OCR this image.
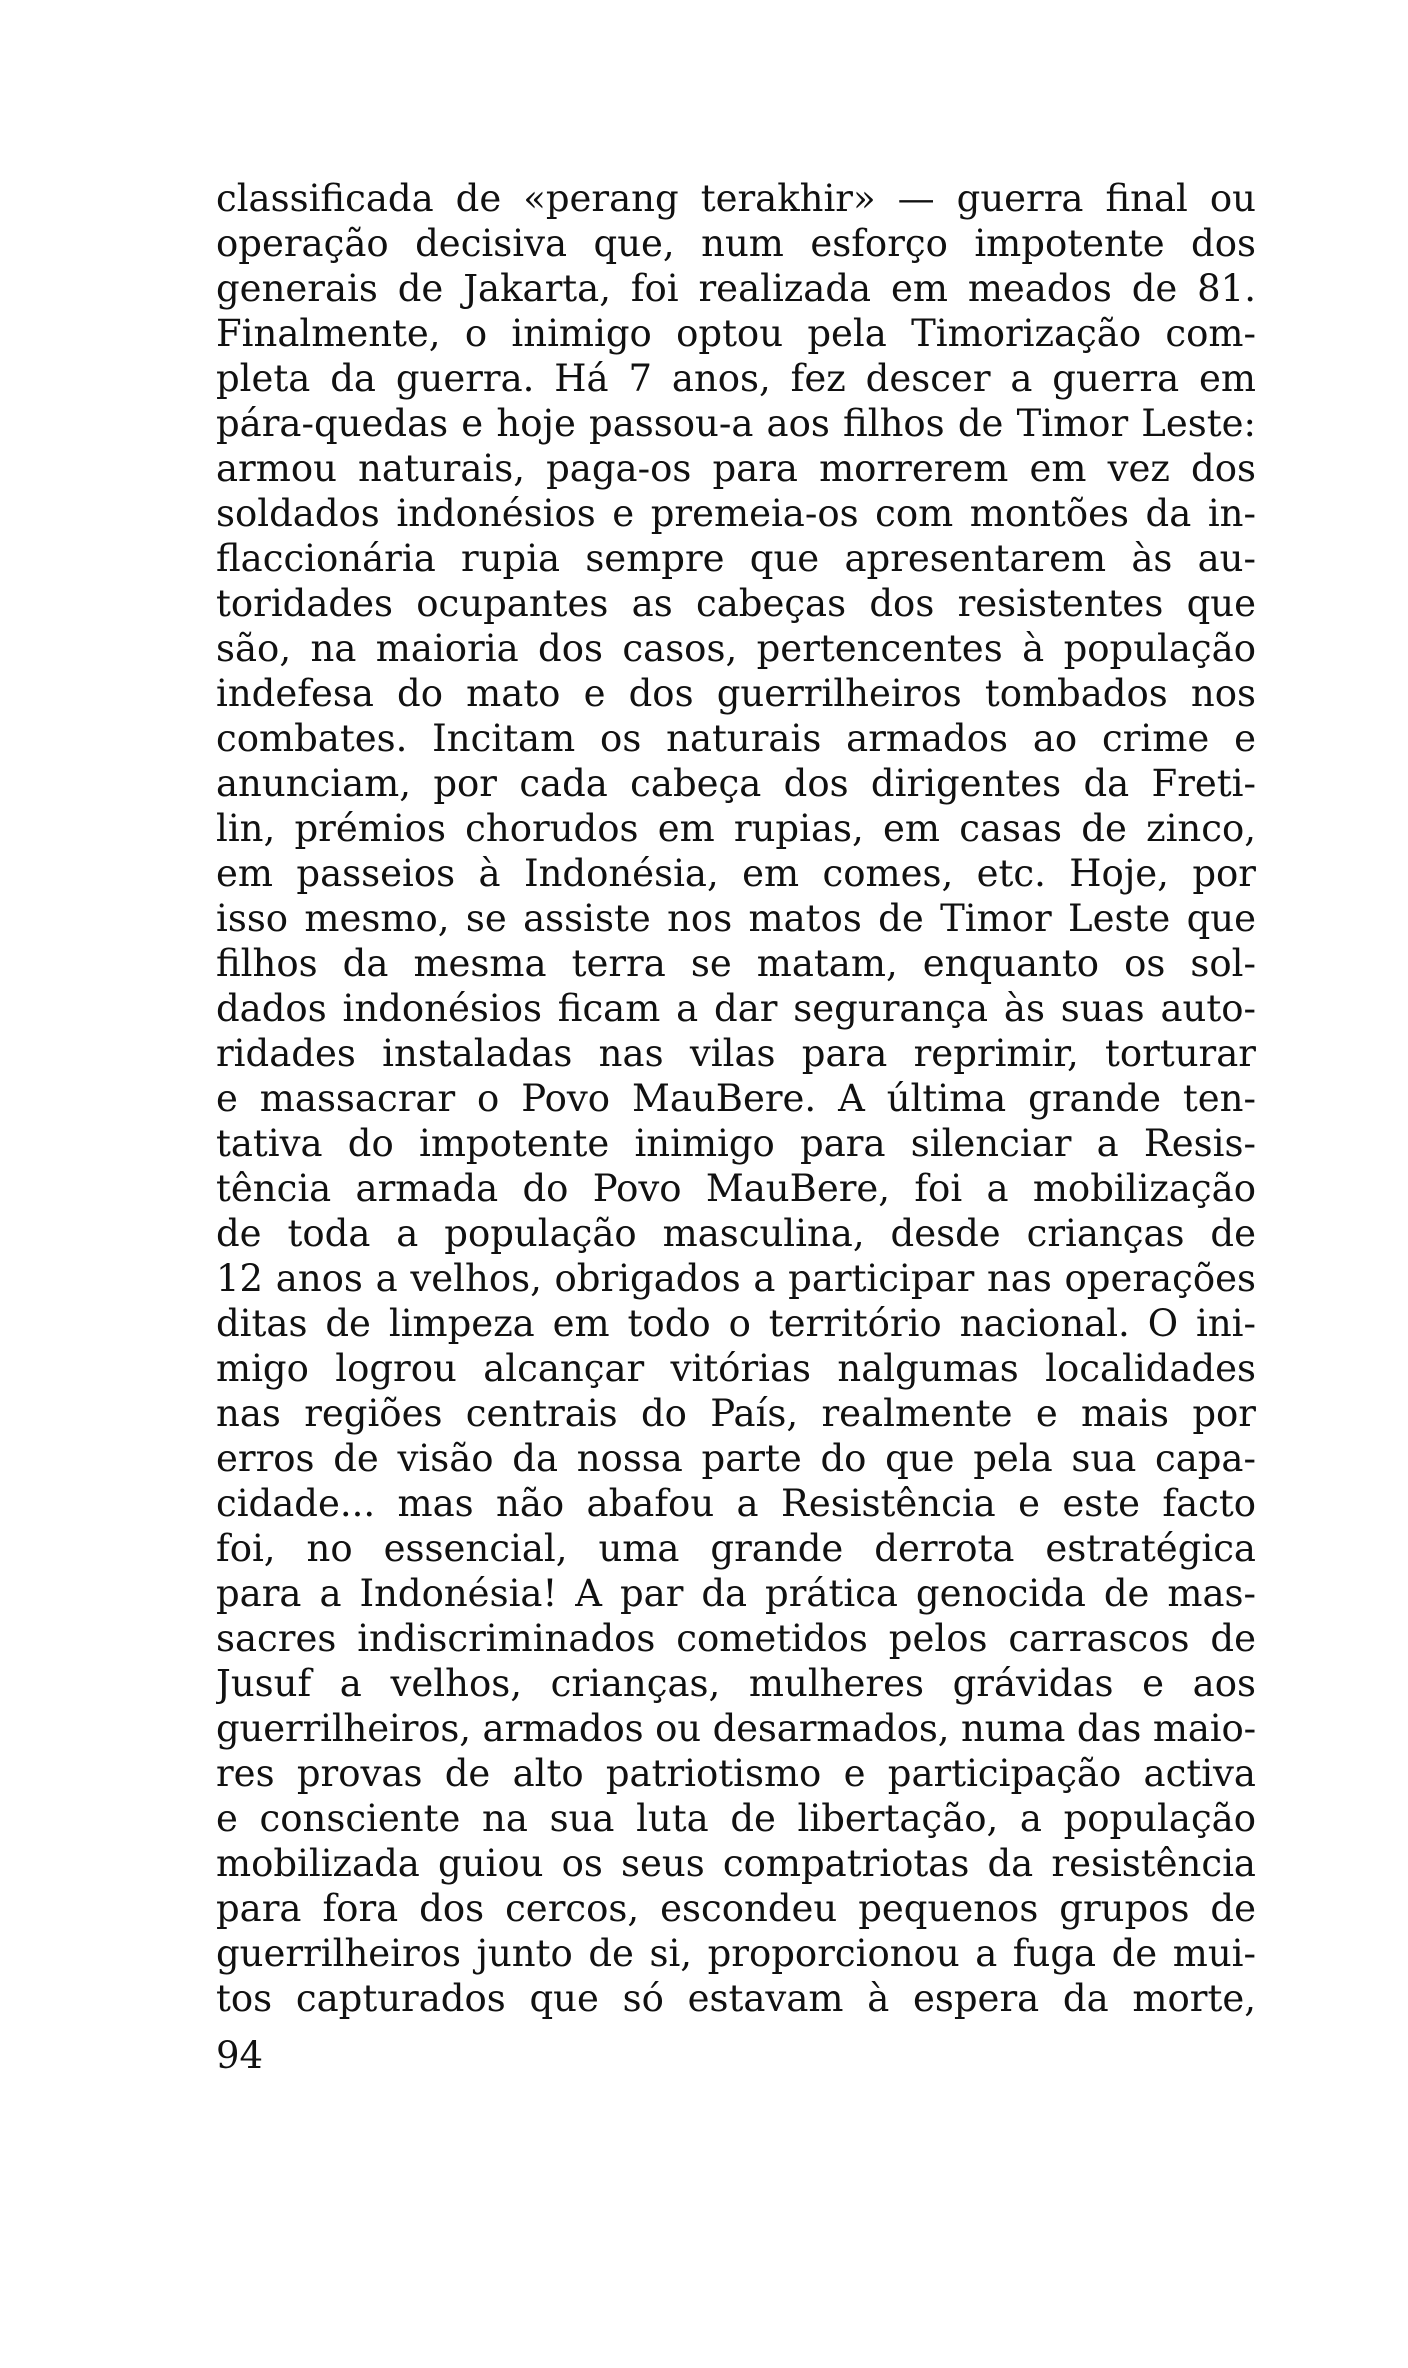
classificada de «perang terakhir» — guerra final ou
operação decisiva que, num esforço impotente dos
generais de Jakarta, foi realizada em meados de 81.
Finalmente, o inimigo optou pela Timorização com-
pleta da guerra. Há 7 anos, fez descer a guerra em
pára-quedas e hoje passou-a aos filhos de Timor Leste:
armou naturais, paga-os para morrerem em vez dos
soldados indonésios e premeia-os com montões da in-
flaccionária rupia sempre que apresentarem às au-
toridades ocupantes as cabeças dos resistentes que
são, na maioria dos casos, pertencentes à população
indefesa do mato e dos guerrilheiros tombados nos
combates. Incitam os naturais armados ao crime e
anunciam, por cada cabeça dos dirigentes da Freti-
lin, prémios chorudos em rupias, em casas de zinco,
em passeios à Indonésia, em comes, etc. Hoje, por
isso mesmo, se assiste nos matos de Timor Leste que
filhos da mesma terra se matam, enquanto os sol-
dados indonésios ficam a dar segurança às suas auto-
ridades instaladas nas vilas para reprimir, torturar
e massacrar o Povo MauBere. A última grande ten-
tativa do impotente inimigo para silenciar a Resis-
tência armada do Povo MauBere, foi a mobilização
de toda a população masculina, desde crianças de
12 anos a velhos, obrigados a participar nas operações
ditas de limpeza em todo o território nacional. O ini-
migo logrou alcançar vitórias nalgumas localidades
nas regiões centrais do País, realmente e mais por
erros de visão da nossa parte do que pela sua capa-
cidade... mas não abafou a Resistência e este facto
foi, no essencial, uma grande derrota estratégica
para a Indonésia! A par da prática genocida de mas-
sacres indiscriminados cometidos pelos carrascos de
Jusuf a velhos, crianças, mulheres grávidas e aos
guerrilheiros, armados ou desarmados, numa das maio-
res provas de alto patriotismo e participação activa
e consciente na sua luta de libertação, a população
mobilizada guiou os seus compatriotas da resistência
para fora dos cercos, escondeu pequenos grupos de
guerrilheiros junto de si, proporcionou a fuga de mui-
tos capturados que só estavam à espera da morte,
94
